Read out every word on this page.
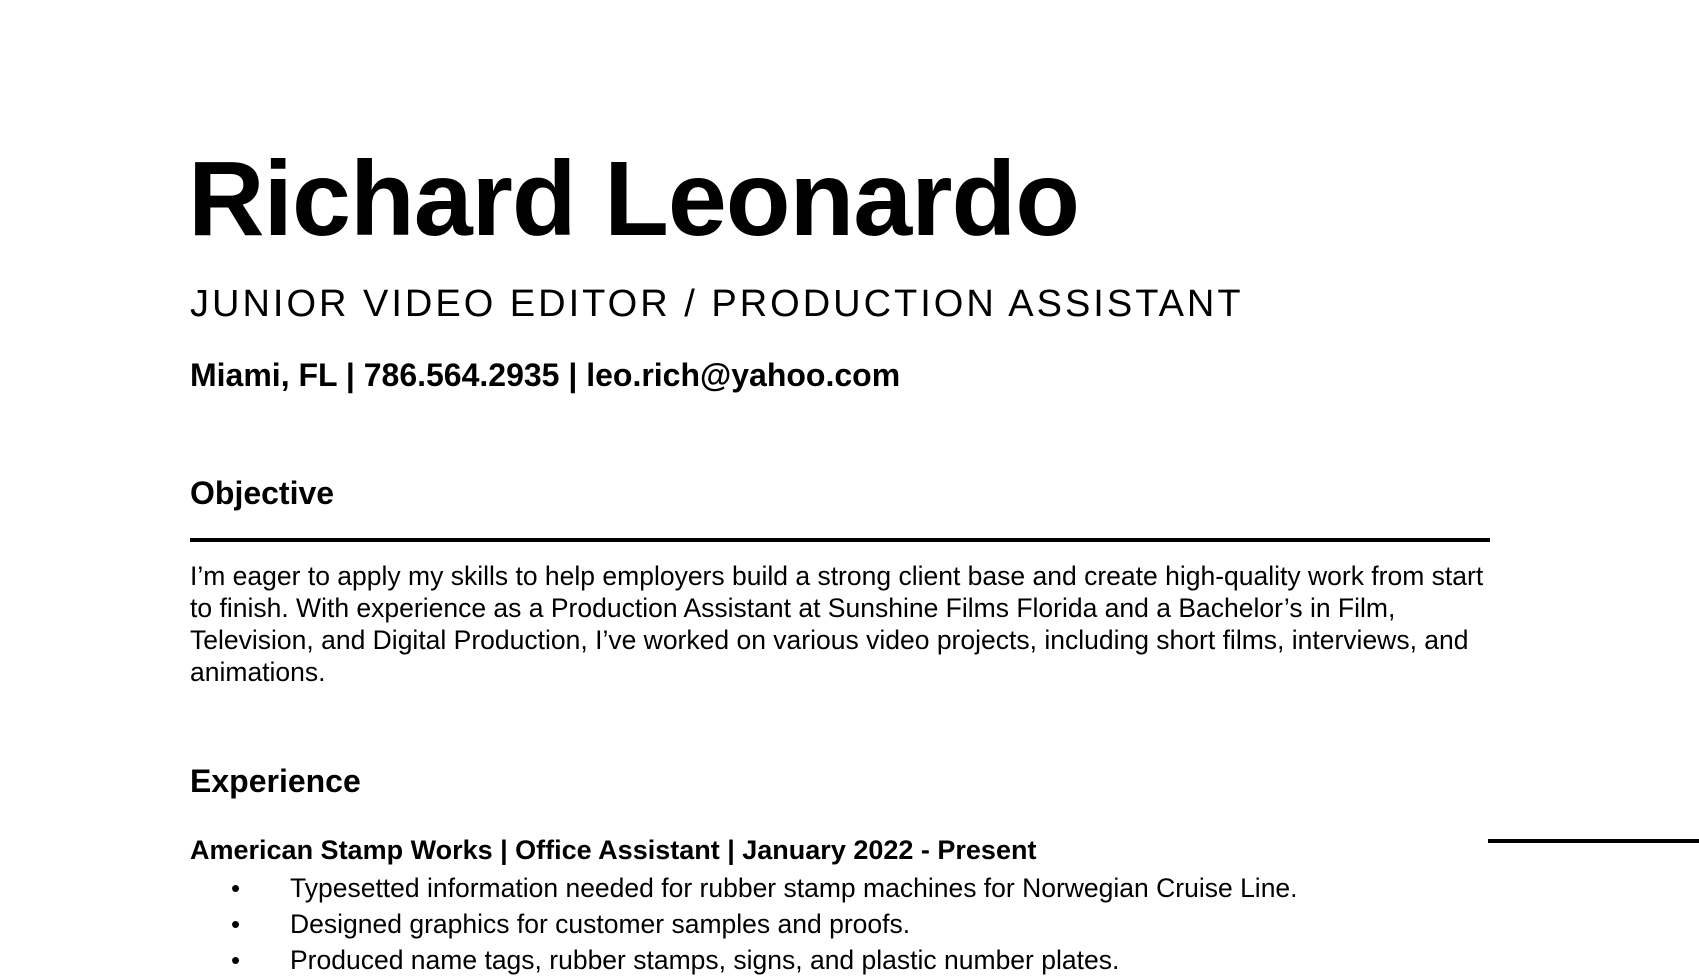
Richard Leonardo
JUNIOR VIDEO EDITOR / PRODUCTION ASSISTANT
Miami, FL | 786.564.2935 | leo.rich@yahoo.com
Objective

I’m eager to apply my skills to help employers build a strong client base and create high-quality work from start to finish. With experience as a Production Assistant at Sunshine Films Florida and a Bachelor’s in Film, Television, and Digital Production, I’ve worked on various video projects, including short films, interviews, and animations.

Experience
American Stamp Works | Office Assistant | January 2022 - Present
• Typesetted information needed for rubber stamp machines for Norwegian Cruise Line.
• Designed graphics for customer samples and proofs.
• Produced name tags, rubber stamps, signs, and plastic number plates.
